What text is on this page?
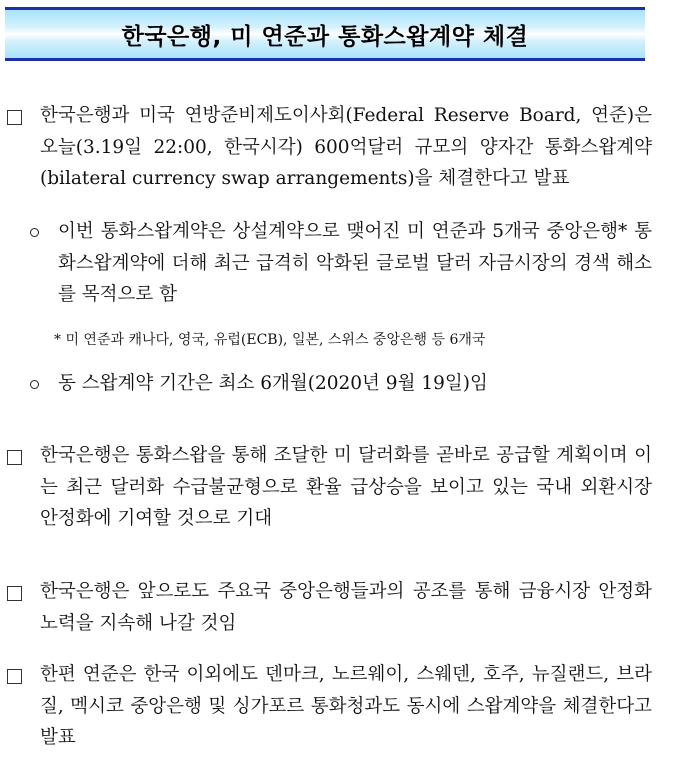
한국은행, 미 연준과 통화스왑계약 체결
한국은행과 미국 연방준비제도이사회(Federal Reserve Board, 연준)은 오늘(3.19일 22:00, 한국시각) 600억달러 규모의 양자간 통화스왑계약 (bilateral currency swap arrangements)을 체결한다고 발표
이번 통화스왑계약은 상설계약으로 맺어진 미 연준과 5개국 중앙은행* 통화스왑계약에 더해 최근 급격히 악화된 글로벌 달러 자금시장의 경색 해소를 목적으로 함
* 미 연준과 캐나다, 영국, 유럽(ECB), 일본, 스위스 중앙은행 등 6개국
동 스왑계약 기간은 최소 6개월(2020년 9월 19일)임
한국은행은 통화스왑을 통해 조달한 미 달러화를 곧바로 공급할 계획이며 이는 최근 달러화 수급불균형으로 환율 급상승을 보이고 있는 국내 외환시장 안정화에 기여할 것으로 기대
한국은행은 앞으로도 주요국 중앙은행들과의 공조를 통해 금융시장 안정화 노력을 지속해 나갈 것임
한편 연준은 한국 이외에도 덴마크, 노르웨이, 스웨덴, 호주, 뉴질랜드, 브라질, 멕시코 중앙은행 및 싱가포르 통화청과도 동시에 스왑계약을 체결한다고 발표
